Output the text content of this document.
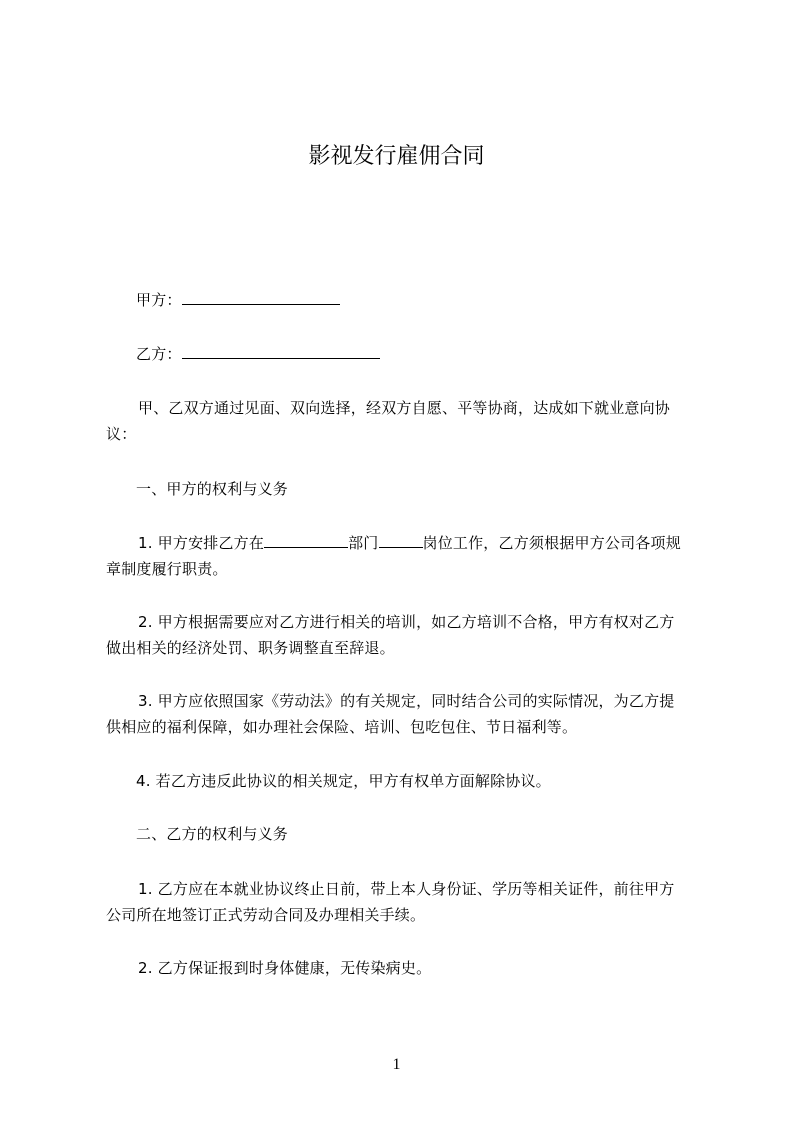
影视发行雇佣合同
甲方：
乙方：
甲、乙双方通过见面、双向选择，经双方自愿、平等协商，达成如下就业意向协
议：
一、甲方的权利与义务
1. 甲方安排乙方在	部门	岗位工作，乙方须根据甲方公司各项规
章制度履行职责。
2. 甲方根据需要应对乙方进行相关的培训，如乙方培训不合格，甲方有权对乙方
做出相关的经济处罚、职务调整直至辞退。
3. 甲方应依照国家《劳动法》的有关规定，同时结合公司的实际情况，为乙方提
供相应的福利保障，如办理社会保险、培训、包吃包住、节日福利等。
4. 若乙方违反此协议的相关规定，甲方有权单方面解除协议。
二、乙方的权利与义务
1. 乙方应在本就业协议终止日前，带上本人身份证、学历等相关证件，前往甲方
公司所在地签订正式劳动合同及办理相关手续。
2. 乙方保证报到时身体健康，无传染病史。
1
